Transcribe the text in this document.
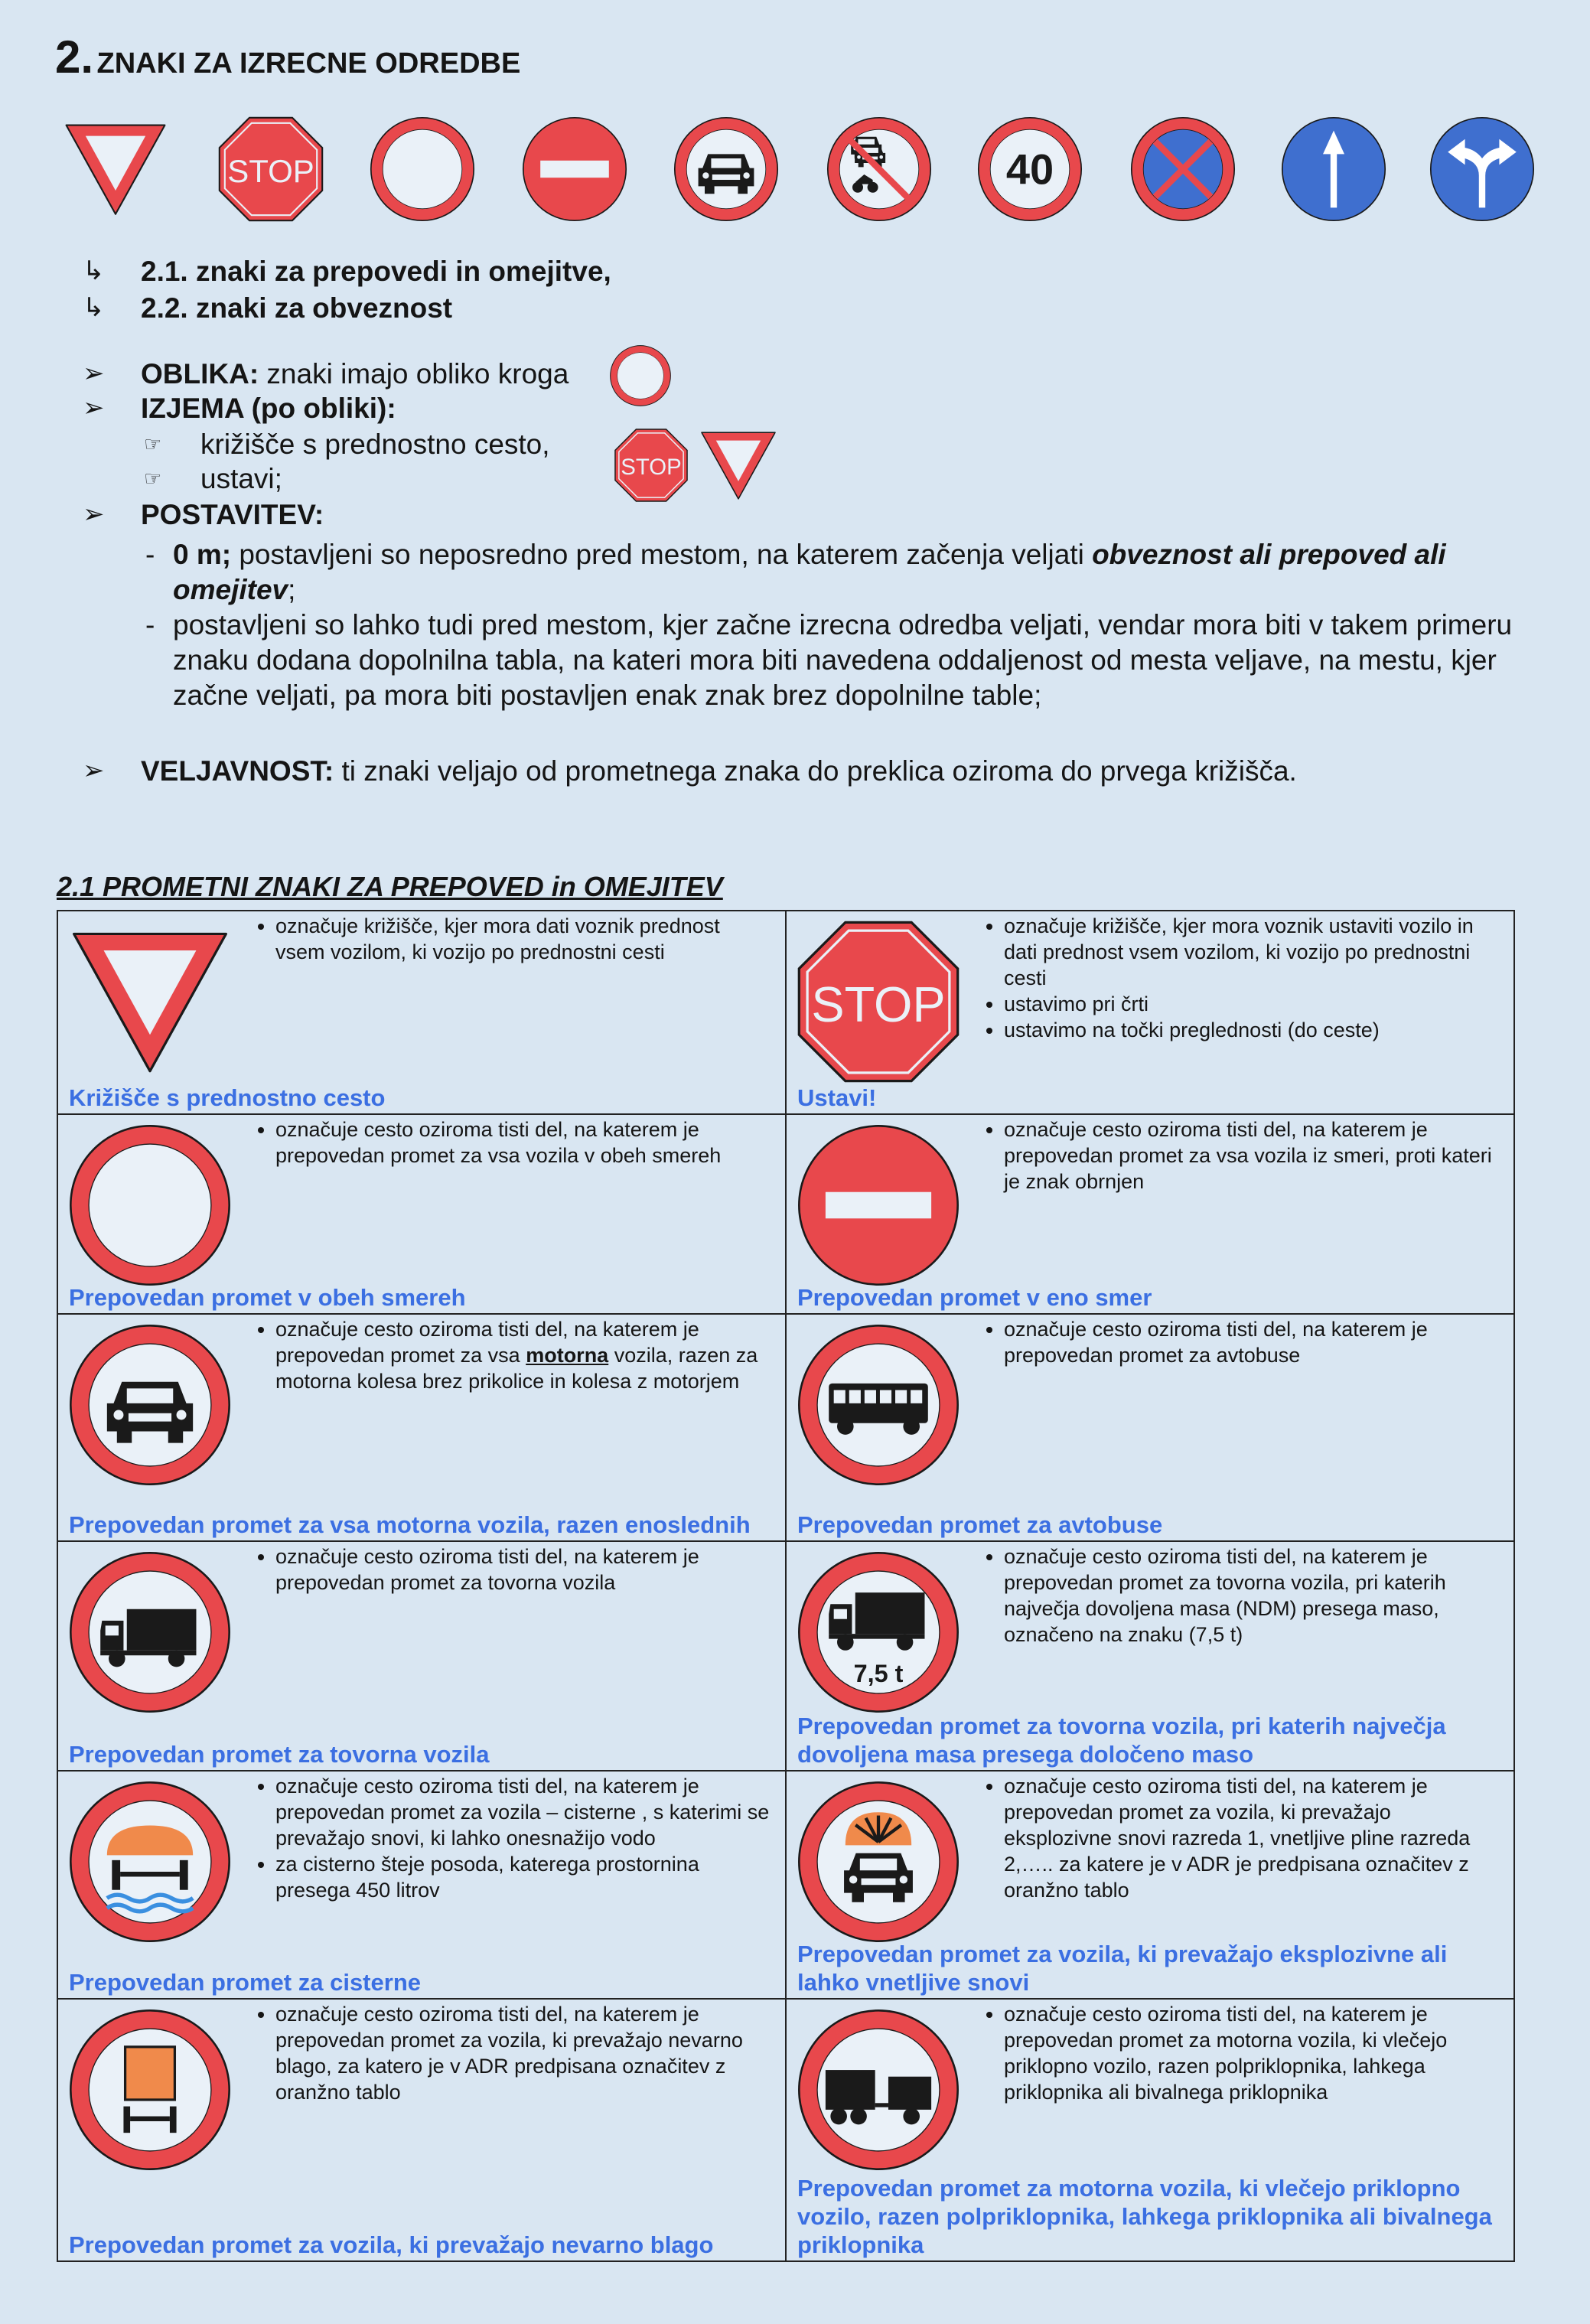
2. ZNAKI ZA IZRECNE ODREDBE
STOP	40
↳ 2.1. znaki za prepovedi in omejitve,
↳ 2.2. znaki za obveznost
➢ OBLIKA: znaki imajo obliko kroga
➢ IZJEMA (po obliki):
☞ križišče s prednostno cesto,
☞ ustavi;	STOP
➢ POSTAVITEV:
- 0 m; postavljeni so neposredno pred mestom, na katerem začenja veljati obveznost ali prepoved ali omejitev;
- postavljeni so lahko tudi pred mestom, kjer začne izrecna odredba veljati, vendar mora biti v takem primeru znaku dodana dopolnilna tabla, na kateri mora biti navedena oddaljenost od mesta veljave, na mestu, kjer začne veljati, pa mora biti postavljen enak znak brez dopolnilne table;
➢ VELJAVNOST: ti znaki veljajo od prometnega znaka do preklica oziroma do prvega križišča.
2.1 PROMETNI ZNAKI ZA PREPOVED in OMEJITEV
• označuje križišče, kjer mora dati voznik prednost vsem vozilom, ki vozijo po prednostni cesti
Križišče s prednostno cesto
STOP
• označuje križišče, kjer mora voznik ustaviti vozilo in dati prednost vsem vozilom, ki vozijo po prednostni cesti
• ustavimo pri črti
• ustavimo na točki preglednosti (do ceste)
Ustavi!
• označuje cesto oziroma tisti del, na katerem je prepovedan promet za vsa vozila v obeh smereh
Prepovedan promet v obeh smereh
• označuje cesto oziroma tisti del, na katerem je prepovedan promet za vsa vozila iz smeri, proti kateri je znak obrnjen
Prepovedan promet v eno smer
• označuje cesto oziroma tisti del, na katerem je prepovedan promet za vsa motorna vozila, razen za motorna kolesa brez prikolice in kolesa z motorjem
Prepovedan promet za vsa motorna vozila, razen enoslednih
• označuje cesto oziroma tisti del, na katerem je prepovedan promet za avtobuse
Prepovedan promet za avtobuse
• označuje cesto oziroma tisti del, na katerem je prepovedan promet za tovorna vozila
Prepovedan promet za tovorna vozila
7,5 t
• označuje cesto oziroma tisti del, na katerem je prepovedan promet za tovorna vozila, pri katerih največja dovoljena masa (NDM) presega maso, označeno na znaku (7,5 t)
Prepovedan promet za tovorna vozila, pri katerih največja dovoljena masa presega določeno maso
• označuje cesto oziroma tisti del, na katerem je prepovedan promet za vozila – cisterne , s katerimi se prevažajo snovi, ki lahko onesnažijo vodo
• za cisterno šteje posoda, katerega prostornina presega 450 litrov
Prepovedan promet za cisterne
• označuje cesto oziroma tisti del, na katerem je prepovedan promet za vozila, ki prevažajo eksplozivne snovi razreda 1, vnetljive pline razreda 2,….. za katere je v ADR je predpisana označitev z oranžno tablo
Prepovedan promet za vozila, ki prevažajo eksplozivne ali lahko vnetljive snovi
• označuje cesto oziroma tisti del, na katerem je prepovedan promet za vozila, ki prevažajo nevarno blago, za katero je v ADR predpisana označitev z oranžno tablo
Prepovedan promet za vozila, ki prevažajo nevarno blago
• označuje cesto oziroma tisti del, na katerem je prepovedan promet za motorna vozila, ki vlečejo priklopno vozilo, razen polpriklopnika, lahkega priklopnika ali bivalnega priklopnika
Prepovedan promet za motorna vozila, ki vlečejo priklopno vozilo, razen polpriklopnika, lahkega priklopnika ali bivalnega priklopnika
